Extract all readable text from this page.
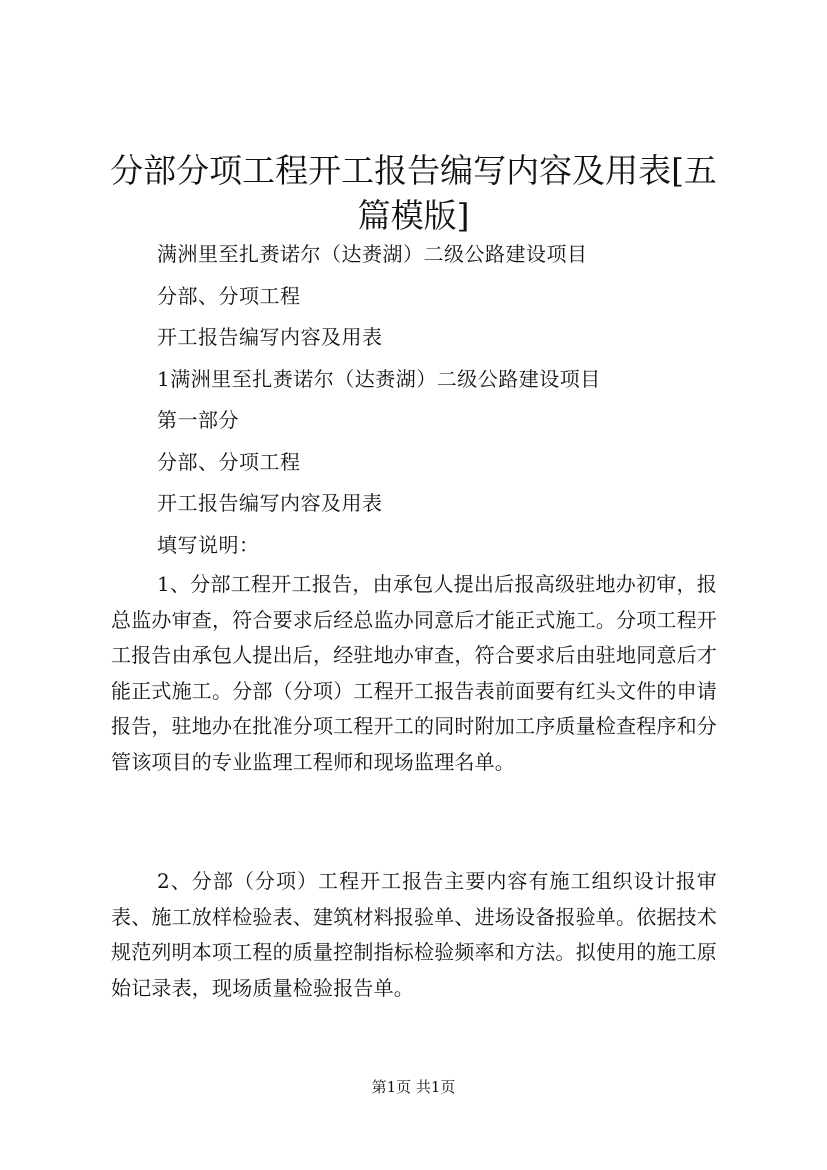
分部分项工程开工报告编写内容及用表[五篇模版]
满洲里至扎赉诺尔（达赉湖）二级公路建设项目
分部、分项工程
开工报告编写内容及用表
1满洲里至扎赉诺尔（达赉湖）二级公路建设项目
第一部分
分部、分项工程
开工报告编写内容及用表
填写说明：

1、分部工程开工报告，由承包人提出后报高级驻地办初审，报总监办审查，符合要求后经总监办同意后才能正式施工。分项工程开工报告由承包人提出后，经驻地办审查，符合要求后由驻地同意后才能正式施工。分部（分项）工程开工报告表前面要有红头文件的申请报告，驻地办在批准分项工程开工的同时附加工序质量检查程序和分管该项目的专业监理工程师和现场监理名单。

2、分部（分项）工程开工报告主要内容有施工组织设计报审表、施工放样检验表、建筑材料报验单、进场设备报验单。依据技术规范列明本项工程的质量控制指标检验频率和方法。拟使用的施工原始记录表，现场质量检验报告单。

第1页 共1页
